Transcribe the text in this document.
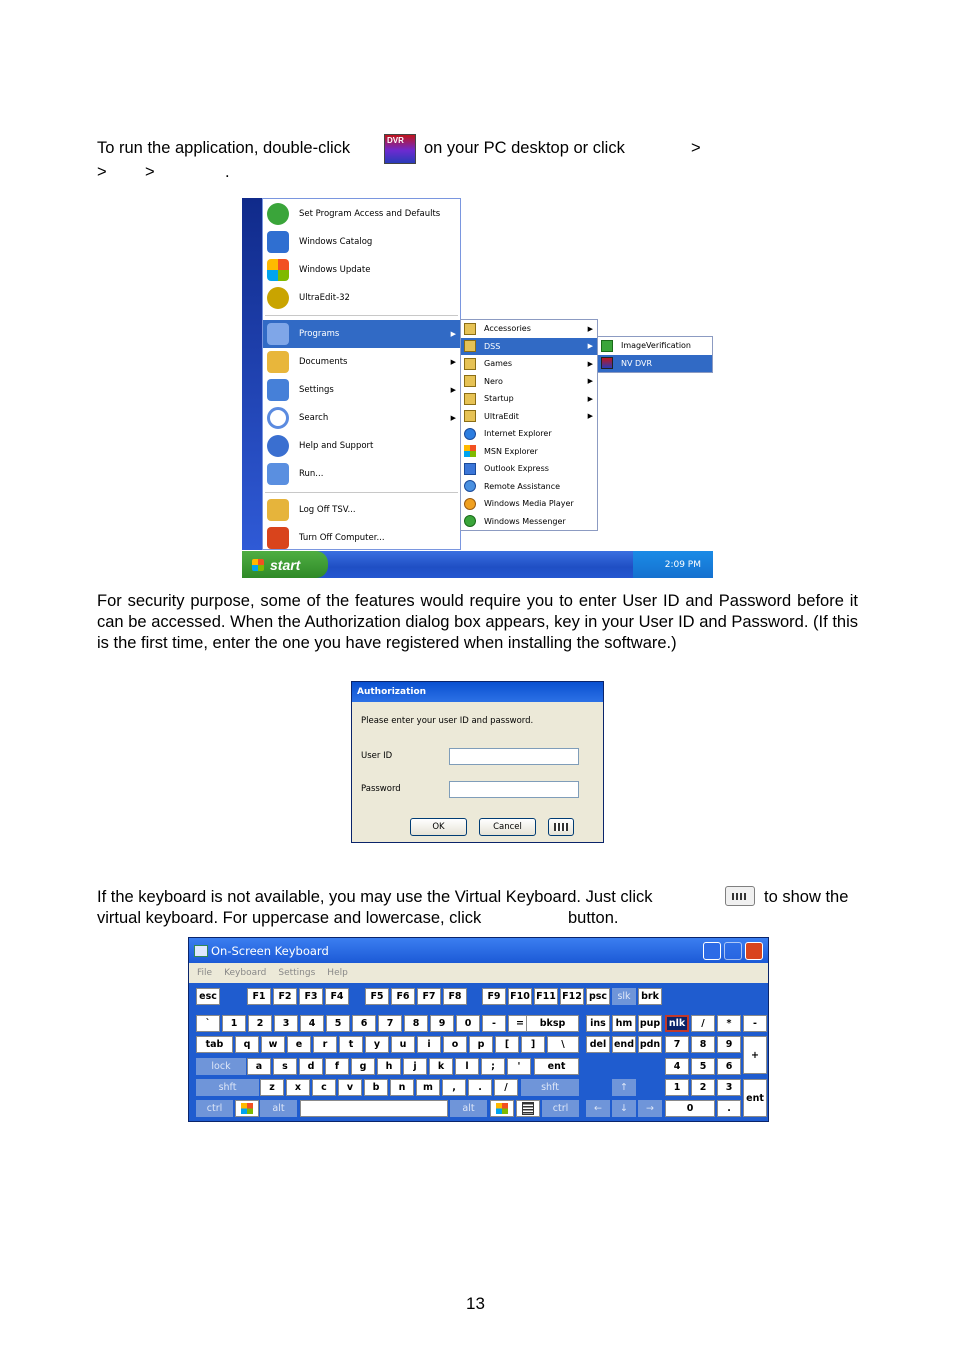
To run the application, double-click	DVR on your PC desktop or click	>
> >	.
Windows XP Professional
Set Program Access and Defaults
Windows Catalog
Windows Update
UltraEdit-32
Programs	▶
Documents	▶
Settings	▶
Search	▶
Help and Support
Run...
Log Off TSV...
Turn Off Computer...
Accessories	▶
DSS	▶
Games	▶
Nero	▶
Startup	▶
UltraEdit	▶
Internet Explorer
MSN Explorer
Outlook Express
Remote Assistance
Windows Media Player
Windows Messenger
ImageVerification
NV DVR
start	2:09 PM
For security purpose, some of the features would require you to enter User ID and Password before it can be accessed. When the Authorization dialog box appears, key in your User ID and Password. (If this is the first time, enter the one you have registered when installing the software.)
Authorization
Please enter your user ID and password.
User ID
Password
OK	Cancel
If the keyboard is not available, you may use the Virtual Keyboard. Just click	to show the
virtual keyboard. For uppercase and lowercase, click	button.
On-Screen Keyboard
File Keyboard Settings Help
esc	F1	F2	F3	F4	F5	F6	F7	F8	F9	F10 F11 F12 psc	slk	brk
`	1	2	3	4	5	6	7	8	9	0	-	=	bksp	ins	hm pup nlk	/	*	-
tab	q	w	e	r	t	y	u	i	o	p	[	]	\	del end pdn	7	8	9
+
lock	a	s	d	f	g	h	j	k	l	;	'	ent	4	5	6
shft	z	x	c	v	b	n	m	,	.	/	shft	↑	1	2	3
ent
ctrl	alt	alt	ctrl	←	↓	→	0	.
13
